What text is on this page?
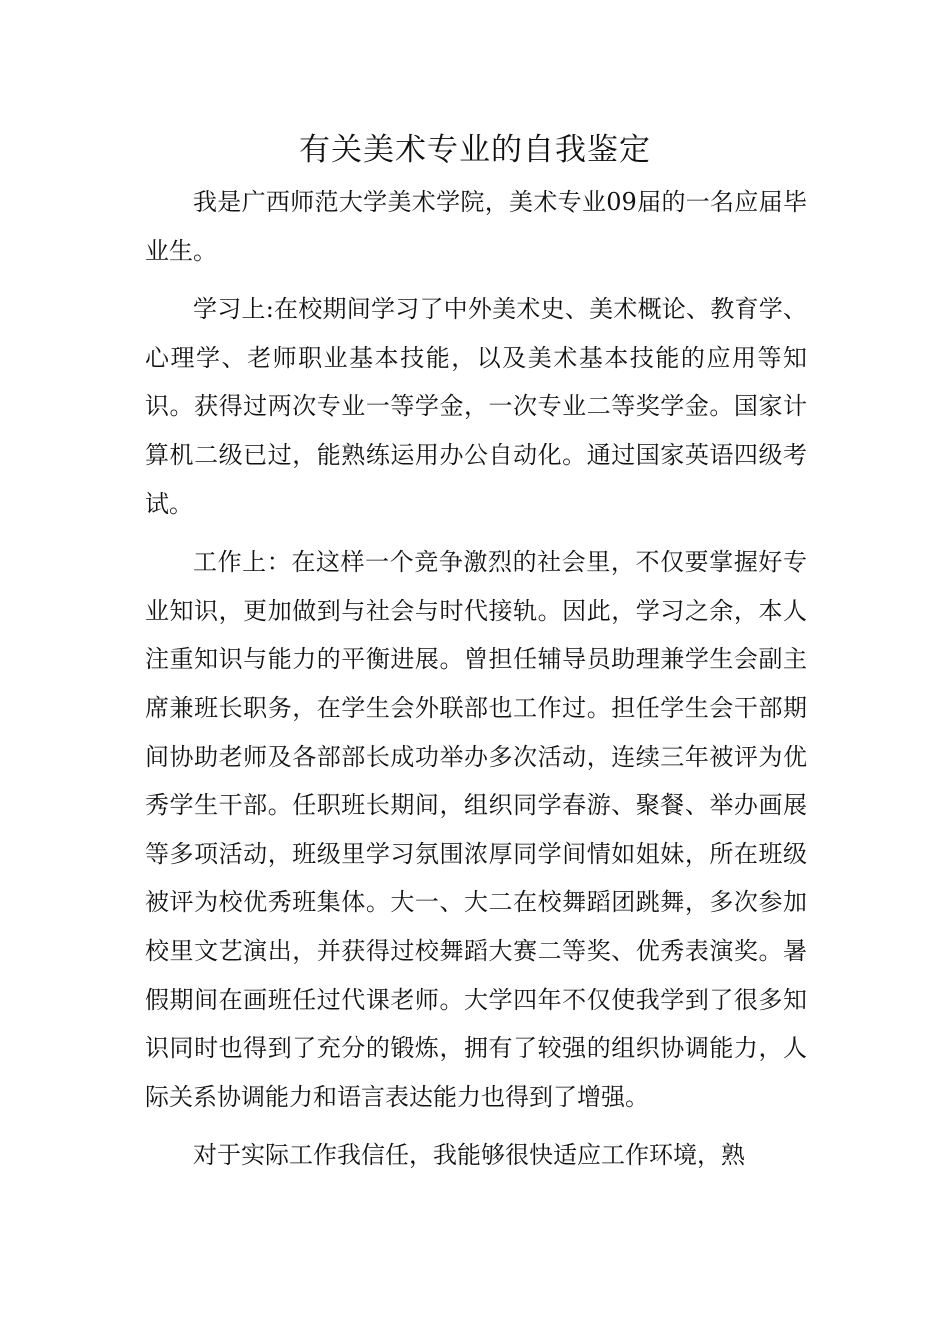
有关美术专业的自我鉴定

我是广西师范大学美术学院，美术专业09届的一名应届毕业生。

学习上:在校期间学习了中外美术史、美术概论、教育学、心理学、老师职业基本技能，以及美术基本技能的应用等知识。获得过两次专业一等学金，一次专业二等奖学金。国家计算机二级已过，能熟练运用办公自动化。通过国家英语四级考试。

工作上：在这样一个竞争激烈的社会里，不仅要掌握好专业知识，更加做到与社会与时代接轨。因此，学习之余，本人注重知识与能力的平衡进展。曾担任辅导员助理兼学生会副主席兼班长职务，在学生会外联部也工作过。担任学生会干部期间协助老师及各部部长成功举办多次活动，连续三年被评为优秀学生干部。任职班长期间，组织同学春游、聚餐、举办画展等多项活动，班级里学习氛围浓厚同学间情如姐妹，所在班级被评为校优秀班集体。大一、大二在校舞蹈团跳舞，多次参加校里文艺演出，并获得过校舞蹈大赛二等奖、优秀表演奖。暑假期间在画班任过代课老师。大学四年不仅使我学到了很多知识同时也得到了充分的锻炼，拥有了较强的组织协调能力，人际关系协调能力和语言表达能力也得到了增强。

对于实际工作我信任，我能够很快适应工作环境，熟
